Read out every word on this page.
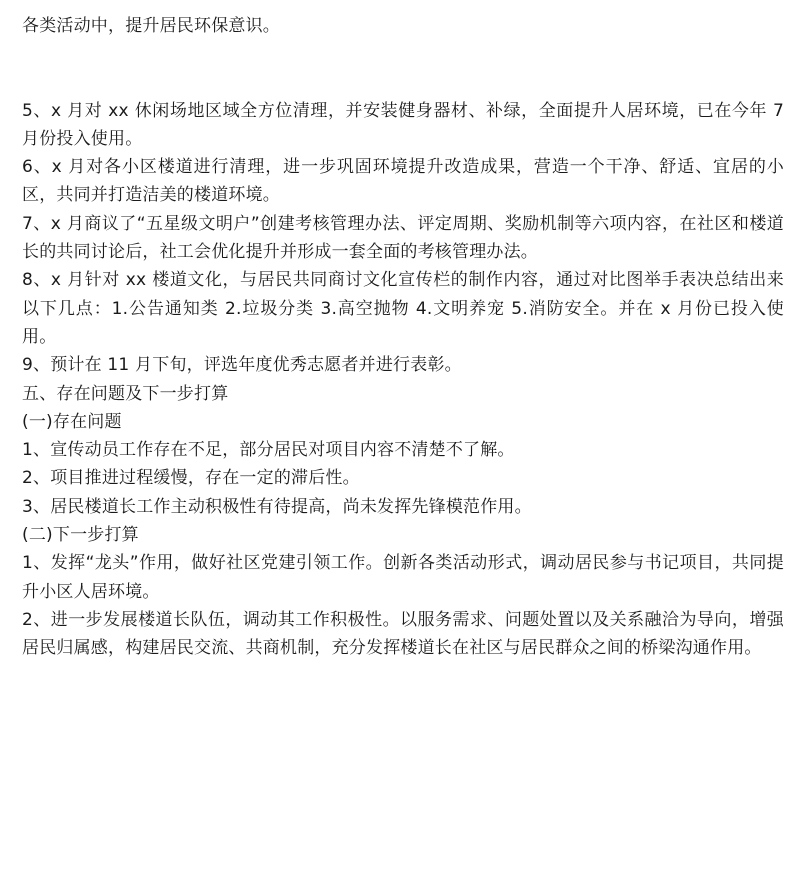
各类活动中，提升居民环保意识。

5、x 月对 xx 休闲场地区域全方位清理，并安装健身器材、补绿，全面提升人居环境，已在今年 7 月份投入使用。

6、x 月对各小区楼道进行清理，进一步巩固环境提升改造成果，营造一个干净、舒适、宜居的小区，共同并打造洁美的楼道环境。

7、x 月商议了“五星级文明户”创建考核管理办法、评定周期、奖励机制等六项内容，在社区和楼道长的共同讨论后，社工会优化提升并形成一套全面的考核管理办法。

8、x 月针对 xx 楼道文化，与居民共同商讨文化宣传栏的制作内容，通过对比图举手表决总结出来以下几点：1.公告通知类 2.垃圾分类 3.高空抛物 4.文明养宠 5.消防安全。并在 x 月份已投入使用。

9、预计在 11 月下旬，评选年度优秀志愿者并进行表彰。

五、存在问题及下一步打算

(一)存在问题

1、宣传动员工作存在不足，部分居民对项目内容不清楚不了解。

2、项目推进过程缓慢，存在一定的滞后性。

3、居民楼道长工作主动积极性有待提高，尚未发挥先锋模范作用。

(二)下一步打算

1、发挥“龙头”作用，做好社区党建引领工作。创新各类活动形式，调动居民参与书记项目，共同提升小区人居环境。

2、进一步发展楼道长队伍，调动其工作积极性。以服务需求、问题处置以及关系融洽为导向，增强居民归属感，构建居民交流、共商机制，充分发挥楼道长在社区与居民群众之间的桥梁沟通作用。
